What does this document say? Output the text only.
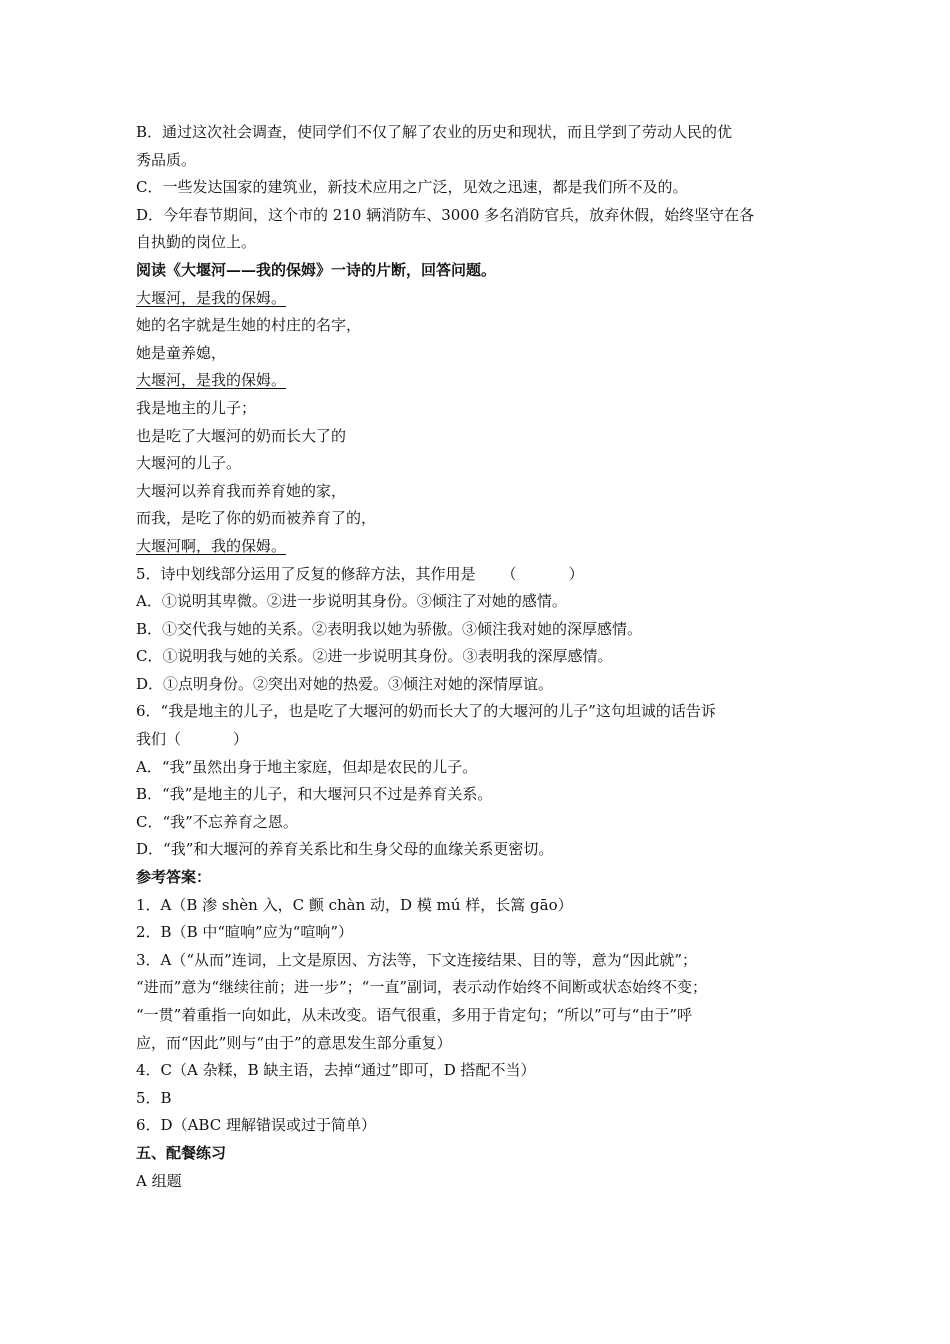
B．通过这次社会调查，使同学们不仅了解了农业的历史和现状，而且学到了劳动人民的优
秀品质。
C．一些发达国家的建筑业，新技术应用之广泛，见效之迅速，都是我们所不及的。
D．今年春节期间，这个市的 210 辆消防车、3000 多名消防官兵，放弃休假，始终坚守在各
自执勤的岗位上。
阅读《大堰河——我的保姆》一诗的片断，回答问题。
大堰河，是我的保姆。
她的名字就是生她的村庄的名字，
她是童养媳，
大堰河，是我的保姆。
我是地主的儿子；
也是吃了大堰河的奶而长大了的
大堰河的儿子。
大堰河以养育我而养育她的家，
而我，是吃了你的奶而被养育了的，
大堰河啊，我的保姆。
5．诗中划线部分运用了反复的修辞方法，其作用是 （	）
A．①说明其卑微。②进一步说明其身份。③倾注了对她的感情。
B．①交代我与她的关系。②表明我以她为骄傲。③倾注我对她的深厚感情。
C．①说明我与她的关系。②进一步说明其身份。③表明我的深厚感情。
D．①点明身份。②突出对她的热爱。③倾注对她的深情厚谊。
6．“我是地主的儿子，也是吃了大堰河的奶而长大了的大堰河的儿子”这句坦诚的话告诉
我们（	）
A．“我”虽然出身于地主家庭，但却是农民的儿子。
B．“我”是地主的儿子，和大堰河只不过是养育关系。
C．“我”不忘养育之恩。
D．“我”和大堰河的养育关系比和生身父母的血缘关系更密切。
参考答案：
1．A（B 渗 shèn 入，C 颤 chàn 动，D 模 mú 样，长篙 gāo）
2．B（B 中“暄响”应为“喧响”）
3．A（“从而”连词，上文是原因、方法等，下文连接结果、目的等，意为“因此就”；
“进而”意为“继续往前；进一步”；“一直”副词，表示动作始终不间断或状态始终不变；
“一贯”着重指一向如此，从未改变。语气很重，多用于肯定句；“所以”可与“由于”呼
应，而“因此”则与“由于”的意思发生部分重复）
4．C（A 杂糅，B 缺主语，去掉“通过”即可，D 搭配不当）
5．B
6．D（ABC 理解错误或过于简单）
五、配餐练习
A 组题
